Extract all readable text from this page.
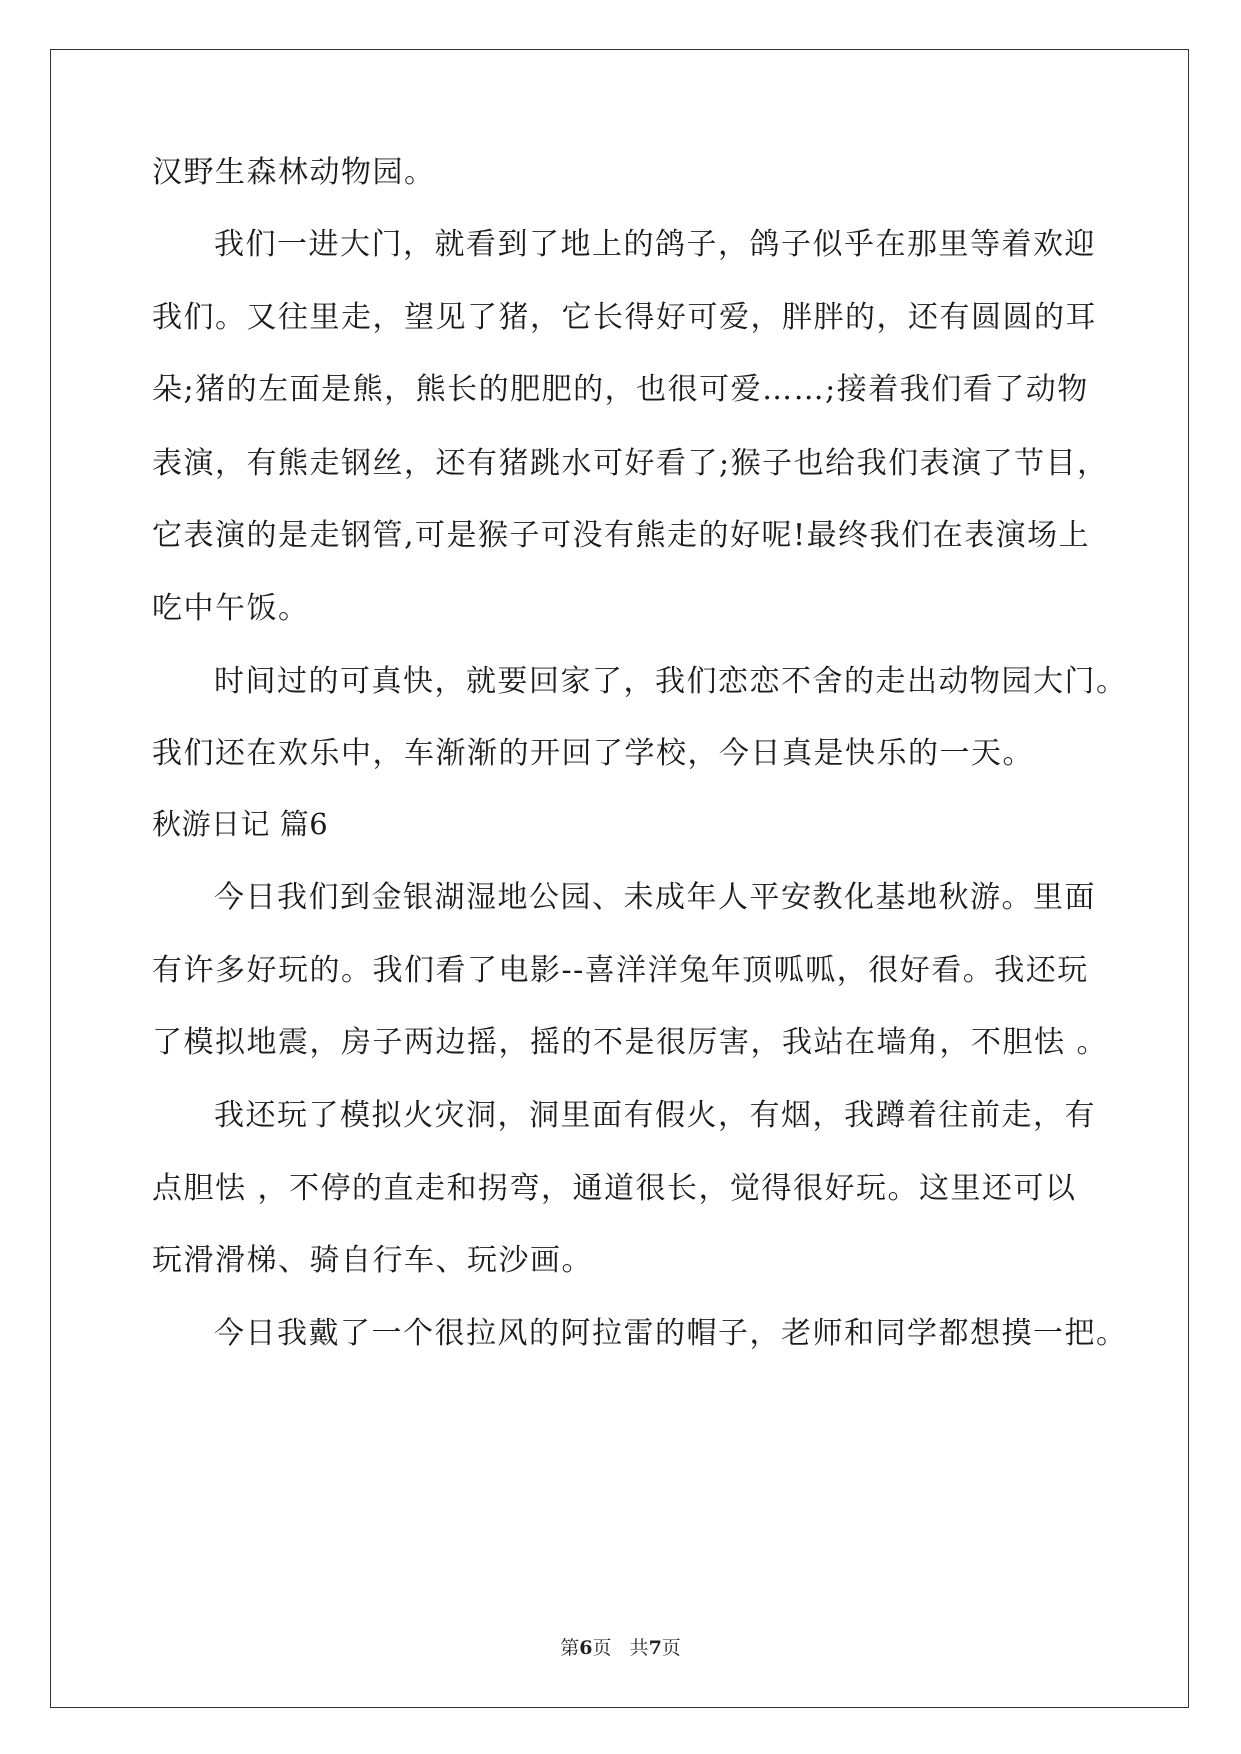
汉野生森林动物园。
我们一进大门，就看到了地上的鸽子，鸽子似乎在那里等着欢迎
我们。又往里走，望见了猪，它长得好可爱，胖胖的，还有圆圆的耳
朵;猪的左面是熊，熊长的肥肥的，也很可爱……;接着我们看了动物
表演，有熊走钢丝，还有猪跳水可好看了;猴子也给我们表演了节目，
它表演的是走钢管,可是猴子可没有熊走的好呢!最终我们在表演场上
吃中午饭。
时间过的可真快，就要回家了，我们恋恋不舍的走出动物园大门。
我们还在欢乐中，车渐渐的开回了学校，今日真是快乐的一天。
秋游日记 篇6
今日我们到金银湖湿地公园、未成年人平安教化基地秋游。里面
有许多好玩的。我们看了电影--喜洋洋兔年顶呱呱，很好看。我还玩
了模拟地震，房子两边摇，摇的不是很厉害，我站在墙角，不胆怯 。
我还玩了模拟火灾洞，洞里面有假火，有烟，我蹲着往前走，有
点胆怯 ，不停的直走和拐弯，通道很长，觉得很好玩。这里还可以
玩滑滑梯、骑自行车、玩沙画。
今日我戴了一个很拉风的阿拉雷的帽子，老师和同学都想摸一把。
第6页   共7页
